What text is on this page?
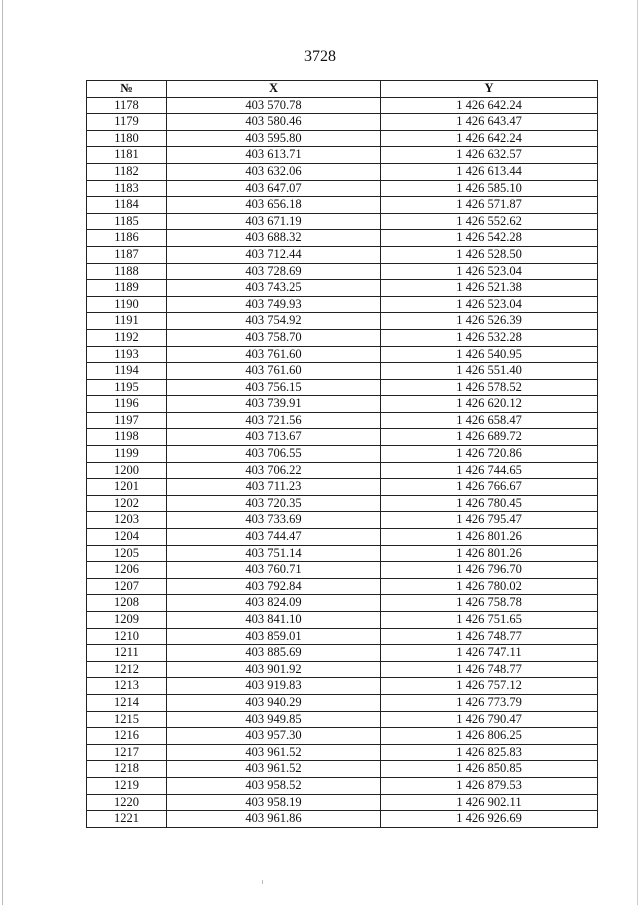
3728
№	X	Y
1178	403 570.78	1 426 642.24
1179	403 580.46	1 426 643.47
1180	403 595.80	1 426 642.24
1181	403 613.71	1 426 632.57
1182	403 632.06	1 426 613.44
1183	403 647.07	1 426 585.10
1184	403 656.18	1 426 571.87
1185	403 671.19	1 426 552.62
1186	403 688.32	1 426 542.28
1187	403 712.44	1 426 528.50
1188	403 728.69	1 426 523.04
1189	403 743.25	1 426 521.38
1190	403 749.93	1 426 523.04
1191	403 754.92	1 426 526.39
1192	403 758.70	1 426 532.28
1193	403 761.60	1 426 540.95
1194	403 761.60	1 426 551.40
1195	403 756.15	1 426 578.52
1196	403 739.91	1 426 620.12
1197	403 721.56	1 426 658.47
1198	403 713.67	1 426 689.72
1199	403 706.55	1 426 720.86
1200	403 706.22	1 426 744.65
1201	403 711.23	1 426 766.67
1202	403 720.35	1 426 780.45
1203	403 733.69	1 426 795.47
1204	403 744.47	1 426 801.26
1205	403 751.14	1 426 801.26
1206	403 760.71	1 426 796.70
1207	403 792.84	1 426 780.02
1208	403 824.09	1 426 758.78
1209	403 841.10	1 426 751.65
1210	403 859.01	1 426 748.77
1211	403 885.69	1 426 747.11
1212	403 901.92	1 426 748.77
1213	403 919.83	1 426 757.12
1214	403 940.29	1 426 773.79
1215	403 949.85	1 426 790.47
1216	403 957.30	1 426 806.25
1217	403 961.52	1 426 825.83
1218	403 961.52	1 426 850.85
1219	403 958.52	1 426 879.53
1220	403 958.19	1 426 902.11
1221	403 961.86	1 426 926.69
